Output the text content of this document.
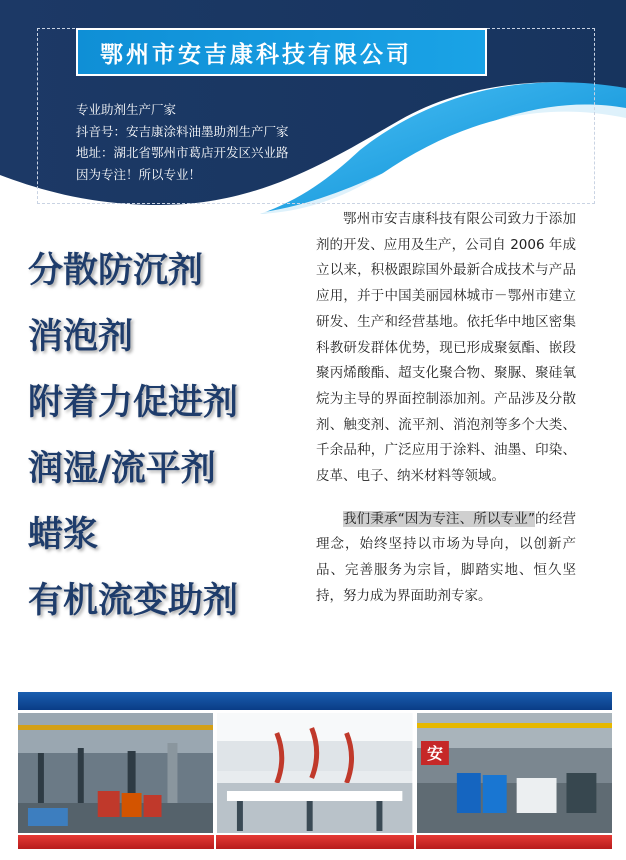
鄂州市安吉康科技有限公司
专业助剂生产厂家
抖音号：安吉康涂料油墨助剂生产厂家
地址：湖北省鄂州市葛店开发区兴业路
因为专注！所以专业！
分散防沉剂
消泡剂
附着力促进剂
润湿/流平剂
蜡浆
有机流变助剂

鄂州市安吉康科技有限公司致力于添加剂的开发、应用及生产，公司自 2006 年成立以来，积极跟踪国外最新合成技术与产品应用，并于中国美丽园林城市－鄂州市建立研发、生产和经营基地。依托华中地区密集科教研发群体优势，现已形成聚氨酯、嵌段聚丙烯酸酯、超支化聚合物、聚脲、聚硅氧烷为主导的界面控制添加剂。产品涉及分散剂、触变剂、流平剂、消泡剂等多个大类、千余品种，广泛应用于涂料、油墨、印染、皮革、电子、纳米材料等领域。

我们秉承“因为专注、所以专业”的经营理念，始终坚持以市场为导向，以创新产品、完善服务为宗旨，脚踏实地、恒久坚持，努力成为界面助剂专家。

安
